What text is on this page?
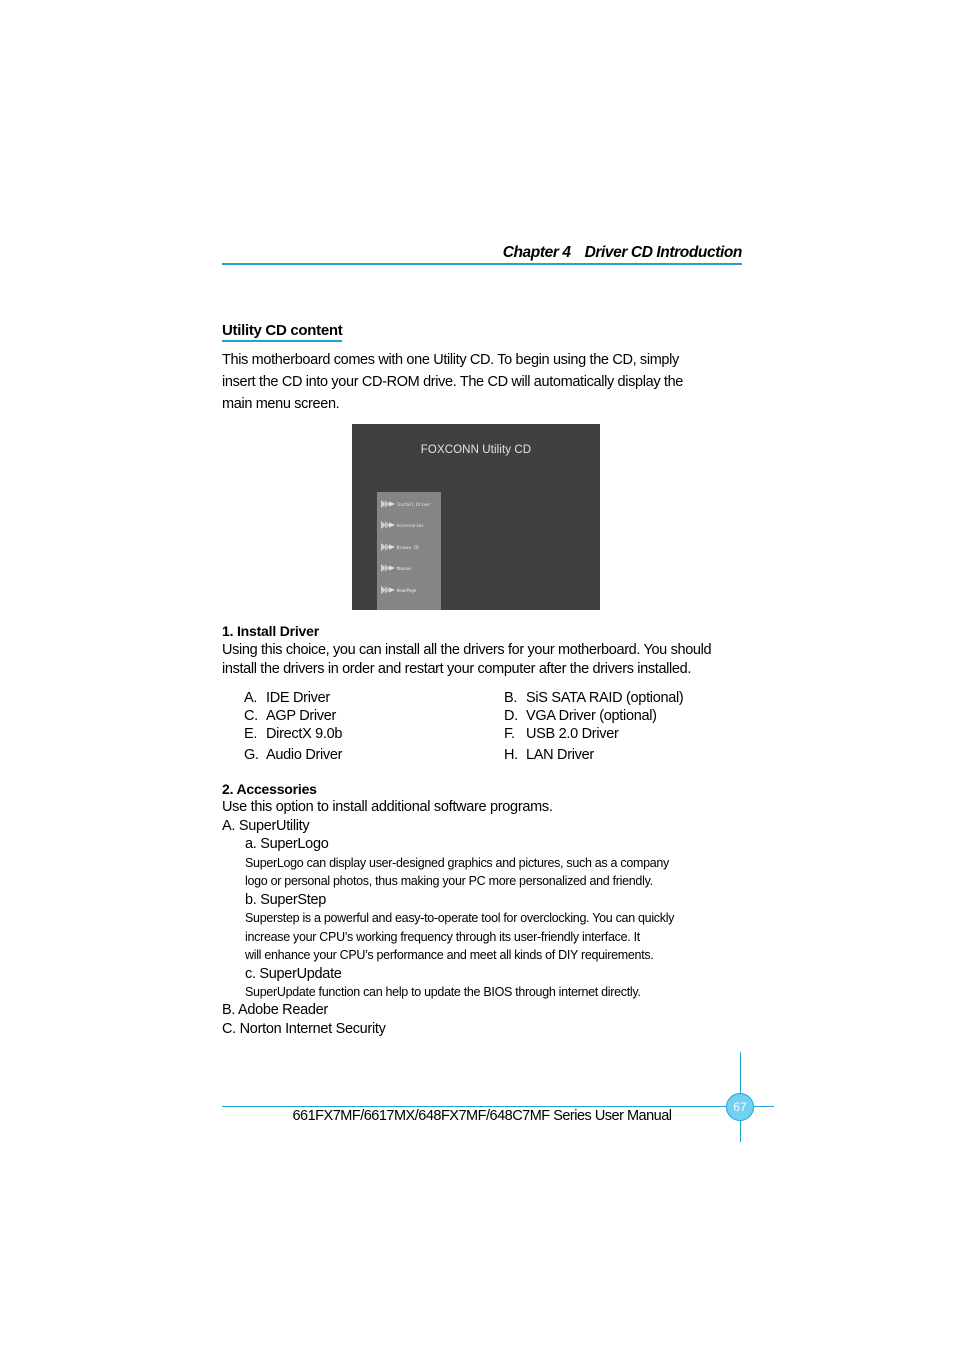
Chapter 4 Driver CD Introduction
Utility CD content
This motherboard comes with one Utility CD. To begin using the CD, simply
insert the CD into your CD-ROM drive. The CD will automatically display the
main menu screen.
FOXCONN Utility CD
Install Driver
Accessories
Browse CD
Manual
HomePage
1. Install Driver
Using this choice, you can install all the drivers for your motherboard. You should
install the drivers in order and restart your computer after the drivers installed.
A. IDE Driver	B. SiS SATA RAID (optional)
C. AGP Driver	D. VGA Driver (optional)
E. DirectX 9.0b	F. USB 2.0 Driver
G. Audio Driver	H. LAN Driver
2. Accessories
Use this option to install additional software programs.
A. SuperUtility
a. SuperLogo
SuperLogo can display user-designed graphics and pictures, such as a company
logo or personal photos, thus making your PC more personalized and friendly.
b. SuperStep
Superstep is a powerful and easy-to-operate tool for overclocking. You can quickly
increase your CPU’s working frequency through its user-friendly interface. It
will enhance your CPU’s performance and meet all kinds of DIY requirements.
c. SuperUpdate
SuperUpdate function can help to update the BIOS through internet directly.
B. Adobe Reader
C. Norton Internet Security
67
661FX7MF/6617MX/648FX7MF/648C7MF Series User Manual
